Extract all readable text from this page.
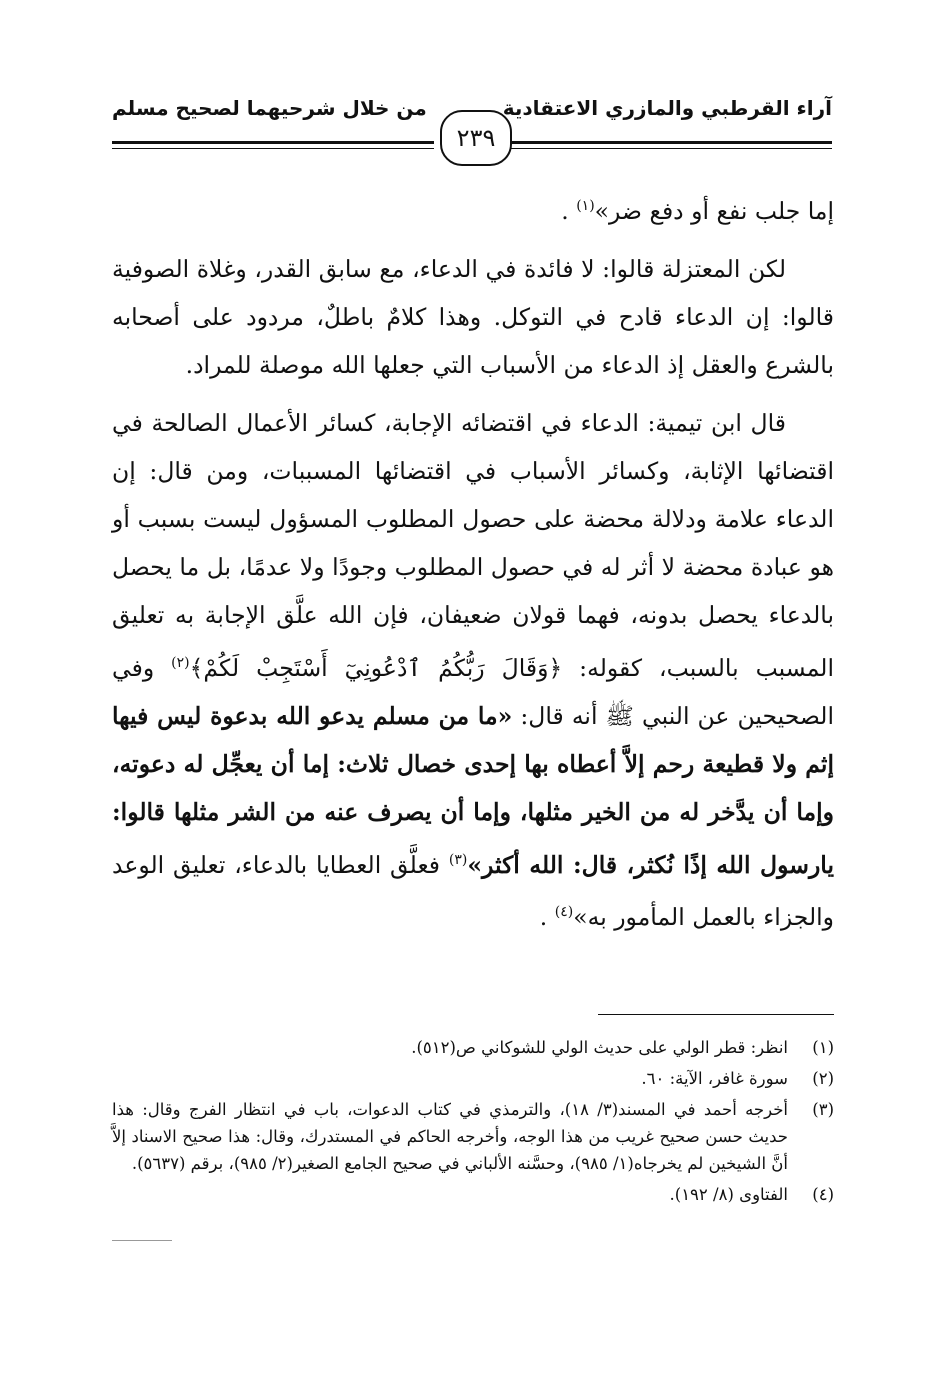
آراء القرطبي والمازري الاعتقادية
من خلال شرحيهما لصحيح مسلم
٢٣٩

إما جلب نفع أو دفع ضر»$^{(١)}$ .

لكن المعتزلة قالوا: لا فائدة في الدعاء، مع سابق القدر، وغلاة الصوفية قالوا: إن الدعاء قادح في التوكل. وهذا كلامٌ باطلٌ، مردود على أصحابه بالشرع والعقل إذ الدعاء من الأسباب التي جعلها الله موصلة للمراد.

قال ابن تيمية: الدعاء في اقتضائه الإجابة، كسائر الأعمال الصالحة في اقتضائها الإثابة، وكسائر الأسباب في اقتضائها المسببات، ومن قال: إن الدعاء علامة ودلالة محضة على حصول المطلوب المسؤول ليست بسبب أو هو عبادة محضة لا أثر له في حصول المطلوب وجودًا ولا عدمًا، بل ما يحصل بالدعاء يحصل بدونه، فهما قولان ضعيفان، فإن الله علَّق الإجابة به تعليق المسبب بالسبب، كقوله: ﴿وَقَالَ رَبُّكُمُ ٱدْعُونِيٓ أَسْتَجِبْ لَكُمْ﴾$^{(٢)}$ وفي الصحيحين عن النبي ﷺ أنه قال: «ما من مسلم يدعو الله بدعوة ليس فيها إثم ولا قطيعة رحم إلاَّ أعطاه بها إحدى خصال ثلاث: إما أن يعجِّل له دعوته، وإما أن يدَّخر له من الخير مثلها، وإما أن يصرف عنه من الشر مثلها قالوا: يارسول الله إذًا نُكثر، قال: الله أكثر»$^{(٣)}$ فعلَّق العطايا بالدعاء، تعليق الوعد والجزاء بالعمل المأمور به»$^{(٤)}$ .

(١)
انظر: قطر الولي على حديث الولي للشوكاني ص(٥١٢).
(٢)
سورة غافر، الآية: ٦٠.
(٣)
أخرجه أحمد في المسند(٣/ ١٨)، والترمذي في كتاب الدعوات، باب في انتظار الفرج وقال: هذا حديث حسن صحيح غريب من هذا الوجه، وأخرجه الحاكم في المستدرك، وقال: هذا صحيح الاسناد إلاَّ أنَّ الشيخين لم يخرجاه(١/ ٩٨٥)، وحسَّنه الألباني في صحيح الجامع الصغير(٢/ ٩٨٥)، برقم (٥٦٣٧).
(٤)
الفتاوى (٨/ ١٩٢).
